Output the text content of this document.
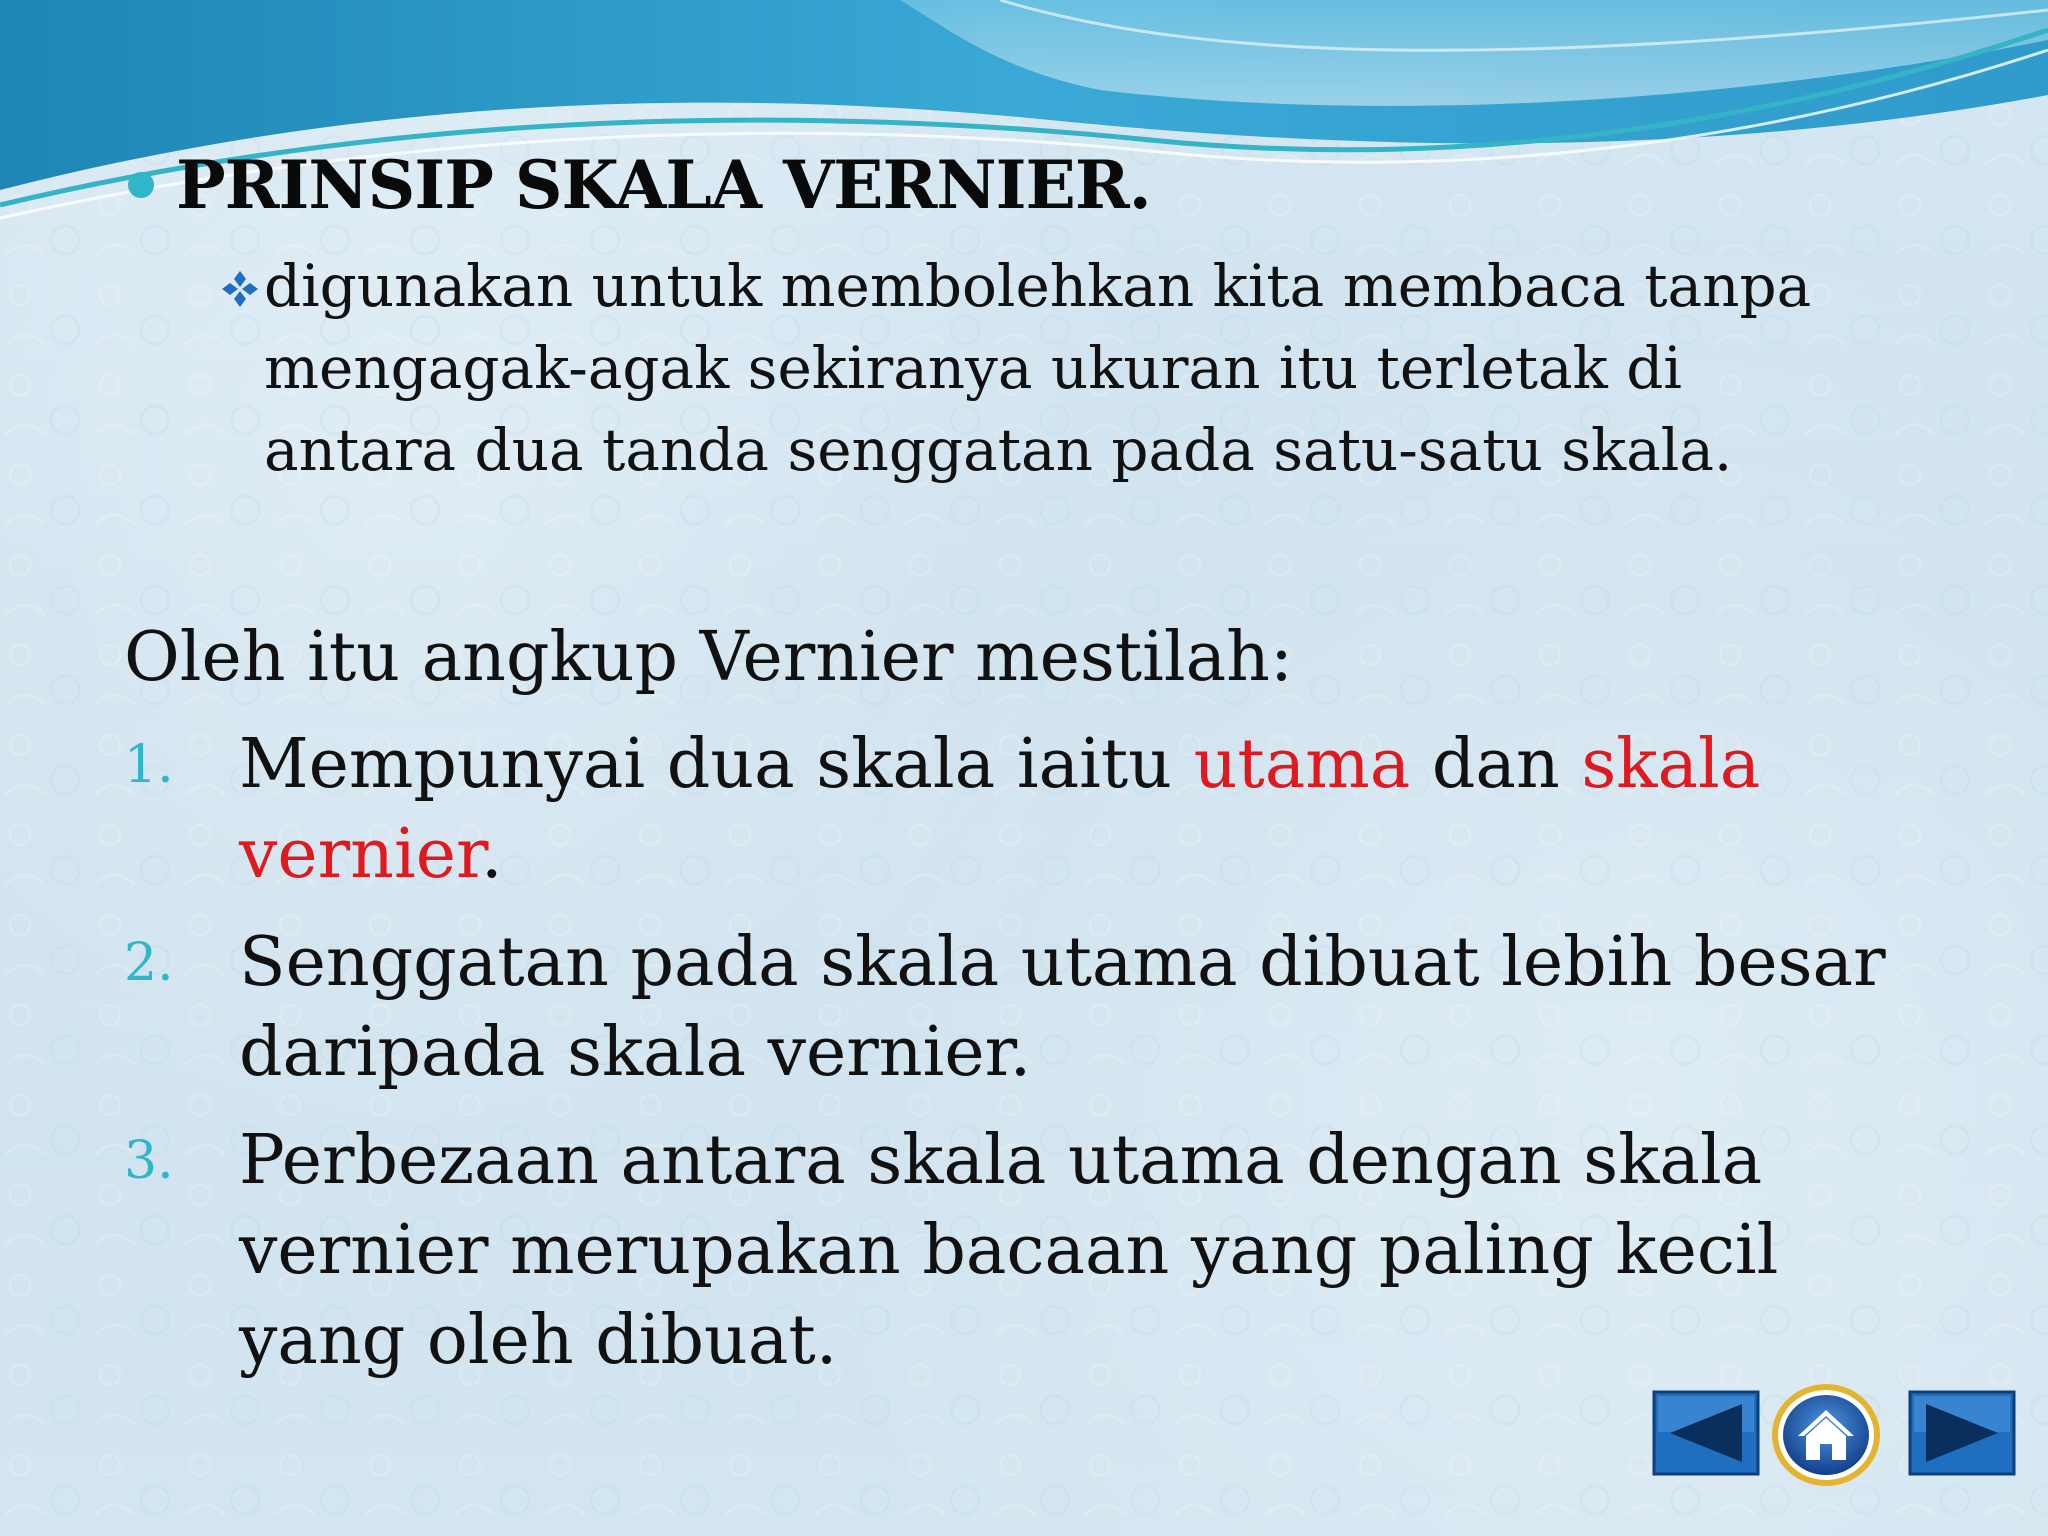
PRINSIP SKALA VERNIER.
digunakan untuk membolehkan kita membaca tanpa mengagak-agak sekiranya ukuran itu terletak di antara dua tanda senggatan pada satu-satu skala.
Oleh itu angkup Vernier mestilah:
1. Mempunyai dua skala iaitu utama dan skala vernier.
2. Senggatan pada skala utama dibuat lebih besar daripada skala vernier.
3. Perbezaan antara skala utama dengan skala vernier merupakan bacaan yang paling kecil yang oleh dibuat.
